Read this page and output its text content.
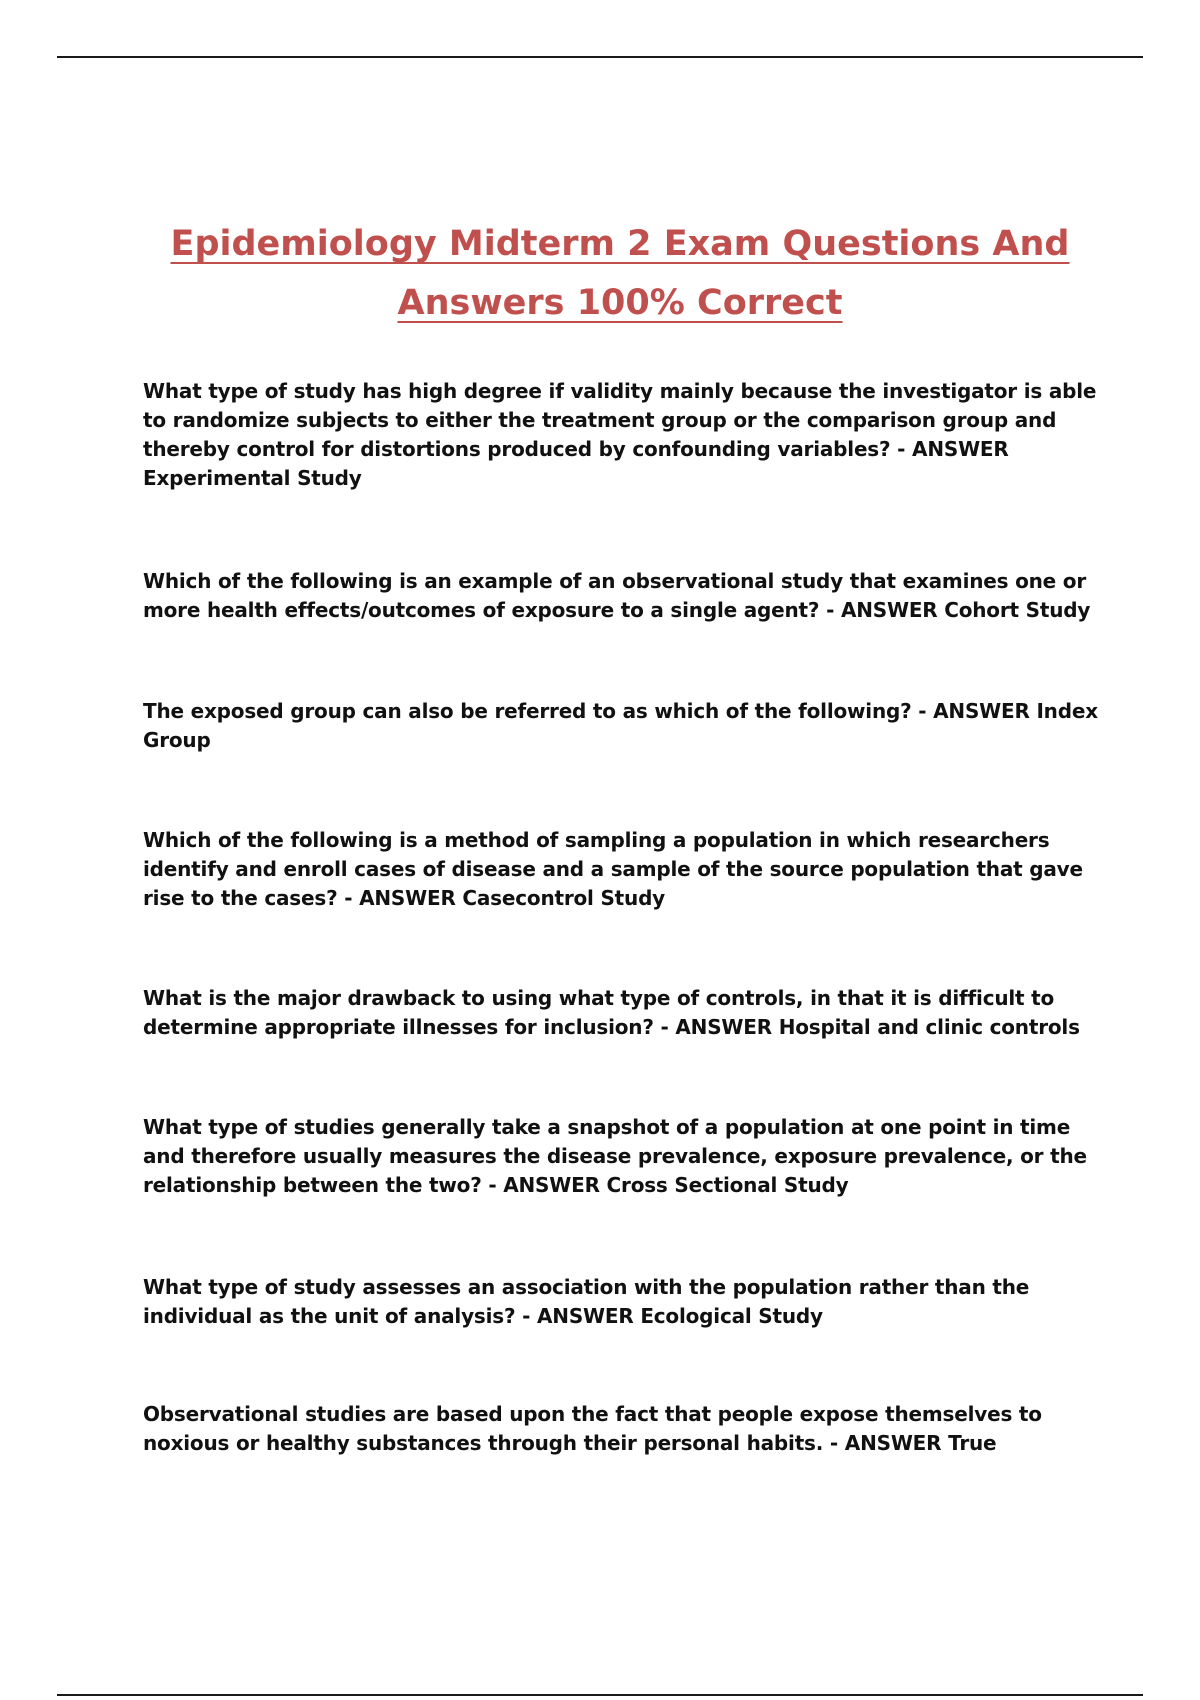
Epidemiology Midterm 2 Exam Questions And
Answers 100% Correct

What type of study has high degree if validity mainly because the investigator is able to randomize subjects to either the treatment group or the comparison group and thereby control for distortions produced by confounding variables? - ANSWER Experimental Study

Which of the following is an example of an observational study that examines one or more health effects/outcomes of exposure to a single agent? - ANSWER Cohort Study

The exposed group can also be referred to as which of the following? - ANSWER Index Group

Which of the following is a method of sampling a population in which researchers identify and enroll cases of disease and a sample of the source population that gave rise to the cases? - ANSWER Casecontrol Study

What is the major drawback to using what type of controls, in that it is difficult to determine appropriate illnesses for inclusion? - ANSWER Hospital and clinic controls

What type of studies generally take a snapshot of a population at one point in time and therefore usually measures the disease prevalence, exposure prevalence, or the relationship between the two? - ANSWER Cross Sectional Study

What type of study assesses an association with the population rather than the individual as the unit of analysis? - ANSWER Ecological Study

Observational studies are based upon the fact that people expose themselves to noxious or healthy substances through their personal habits. - ANSWER True
